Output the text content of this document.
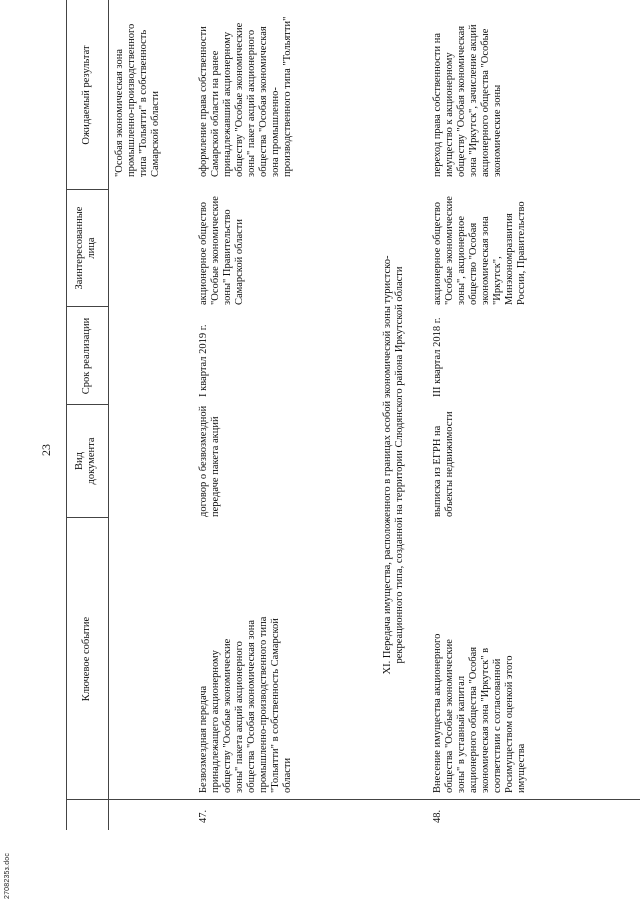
23
2708235з.doc
Ключевое событие
Вид документа
Срок реализации
Заинтересованные лица
Ожидаемый результат "Особая экономическая зона промышленно-производственного типа "Тольятти" в собственность Самарской области
47.
Безвозмездная передача принадлежащего акционерному обществу "Особые экономические зоны" пакета акций акционерного общества "Особая экономическая зона промышленно-производственного типа "Тольятти" в собственность Самарской области
договор о безвозмездной передаче пакета акций
I квартал 2019 г.
акционерное общество "Особые экономические зоны" Правительство Самарской области
оформление права собственности Самарской области на ранее принадлежавший акционерному обществу "Особые экономические зоны" пакет акций акционерного общества "Особая экономическая зона промышленно-производственного типа "Тольятти"
XI. Передача имущества, расположенного в границах особой экономической зоны туристско-рекреационного типа, созданной на территории Слюдянского района Иркутской области
48.
Внесение имущества акционерного общества "Особые экономические зоны" в уставный капитал акционерного общества "Особая экономическая зона "Иркутск" в соответствии с согласованной Росимуществом оценкой этого имущества
выписка из ЕГРН на объекты недвижимости
III квартал 2018 г.
акционерное общество "Особые экономические зоны", акционерное общество "Особая экономическая зона "Иркутск", Минэкономразвития России, Правительство
переход права собственности на имущество к акционерному обществу "Особая экономическая зона "Иркутск", зачисление акций акционерного общества "Особые экономические зоны
